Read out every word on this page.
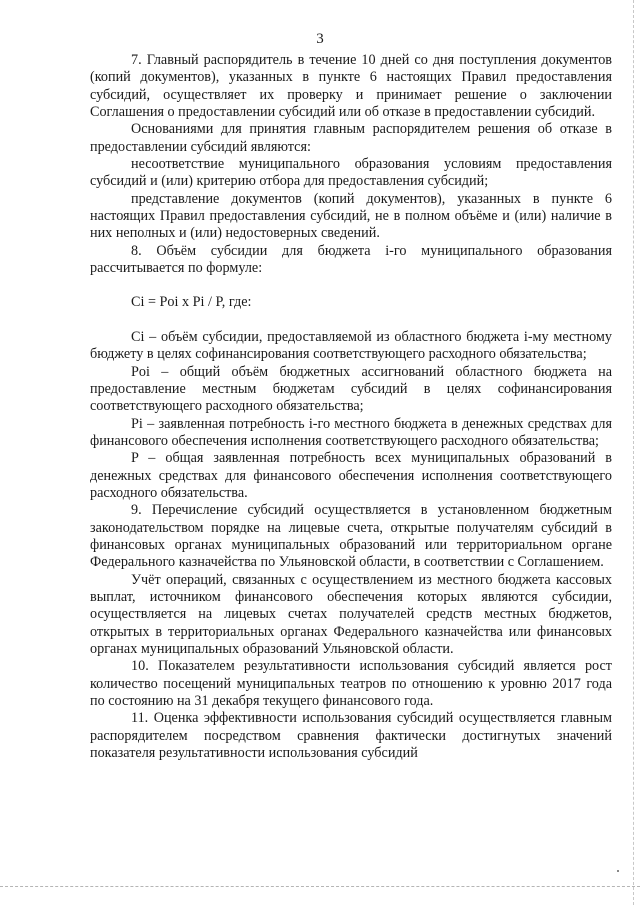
3

7. Главный распорядитель в течение 10 дней со дня поступления документов (копий документов), указанных в пункте 6 настоящих Правил предоставления субсидий, осуществляет их проверку и принимает решение о заключении Соглашения о предоставлении субсидий или об отказе в предоставлении субсидий.

Основаниями для принятия главным распорядителем решения об отказе в предоставлении субсидий являются:

несоответствие муниципального образования условиям предоставления субсидий и (или) критерию отбора для предоставления субсидий;

представление документов (копий документов), указанных в пункте 6 настоящих Правил предоставления субсидий, не в полном объёме и (или) наличие в них неполных и (или) недостоверных сведений.

8. Объём субсидии для бюджета i-го муниципального образования рассчитывается по формуле:

Ci = Poi x Pi / P, где:

Ci – объём субсидии, предоставляемой из областного бюджета i-му местному бюджету в целях софинансирования соответствующего расходного обязательства;

Poi – общий объём бюджетных ассигнований областного бюджета на предоставление местным бюджетам субсидий в целях софинансирования соответствующего расходного обязательства;

Pi – заявленная потребность i-го местного бюджета в денежных средствах для финансового обеспечения исполнения соответствующего расходного обязательства;

P – общая заявленная потребность всех муниципальных образований в денежных средствах для финансового обеспечения исполнения соответствующего расходного обязательства.

9. Перечисление субсидий осуществляется в установленном бюджетным законодательством порядке на лицевые счета, открытые получателям субсидий в финансовых органах муниципальных образований или территориальном органе Федерального казначейства по Ульяновской области, в соответствии с Соглашением.

Учёт операций, связанных с осуществлением из местного бюджета кассовых выплат, источником финансового обеспечения которых являются субсидии, осуществляется на лицевых счетах получателей средств местных бюджетов, открытых в территориальных органах Федерального казначейства или финансовых органах муниципальных образований Ульяновской области.

10. Показателем результативности использования субсидий является рост количество посещений муниципальных театров по отношению к уровню 2017 года по состоянию на 31 декабря текущего финансового года.

11. Оценка эффективности использования субсидий осуществляется главным распорядителем посредством сравнения фактически достигнутых значений показателя результативности использования субсидий
